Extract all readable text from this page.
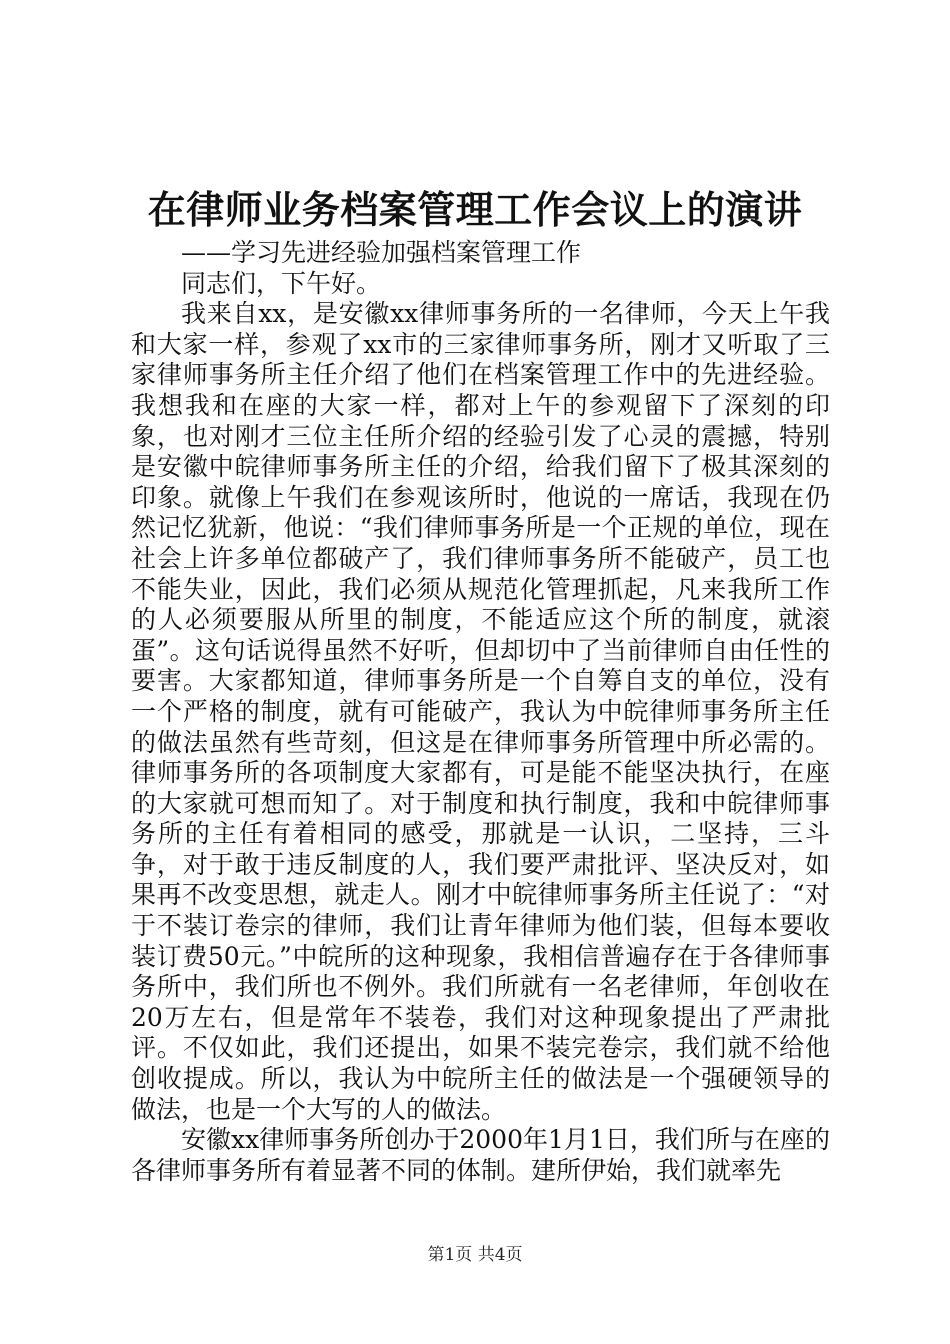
在律师业务档案管理工作会议上的演讲

——学习先进经验加强档案管理工作

同志们，下午好。

我来自xx，是安徽xx律师事务所的一名律师，今天上午我和大家一样，参观了xx市的三家律师事务所，刚才又听取了三家律师事务所主任介绍了他们在档案管理工作中的先进经验。我想我和在座的大家一样，都对上午的参观留下了深刻的印象，也对刚才三位主任所介绍的经验引发了心灵的震撼，特别是安徽中皖律师事务所主任的介绍，给我们留下了极其深刻的印象。就像上午我们在参观该所时，他说的一席话，我现在仍然记忆犹新，他说：“我们律师事务所是一个正规的单位，现在社会上许多单位都破产了，我们律师事务所不能破产，员工也不能失业，因此，我们必须从规范化管理抓起，凡来我所工作的人必须要服从所里的制度，不能适应这个所的制度，就滚蛋”。这句话说得虽然不好听，但却切中了当前律师自由任性的要害。大家都知道，律师事务所是一个自筹自支的单位，没有一个严格的制度，就有可能破产，我认为中皖律师事务所主任的做法虽然有些苛刻，但这是在律师事务所管理中所必需的。律师事务所的各项制度大家都有，可是能不能坚决执行，在座的大家就可想而知了。对于制度和执行制度，我和中皖律师事务所的主任有着相同的感受，那就是一认识，二坚持，三斗争，对于敢于违反制度的人，我们要严肃批评、坚决反对，如果再不改变思想，就走人。刚才中皖律师事务所主任说了：“对于不装订卷宗的律师，我们让青年律师为他们装，但每本要收装订费50元。”中皖所的这种现象，我相信普遍存在于各律师事务所中，我们所也不例外。我们所就有一名老律师，年创收在20万左右，但是常年不装卷，我们对这种现象提出了严肃批评。不仅如此，我们还提出，如果不装完卷宗，我们就不给他创收提成。所以，我认为中皖所主任的做法是一个强硬领导的做法，也是一个大写的人的做法。

安徽xx律师事务所创办于2000年1月1日，我们所与在座的各律师事务所有着显著不同的体制。建所伊始，我们就率先

第1页 共4页
